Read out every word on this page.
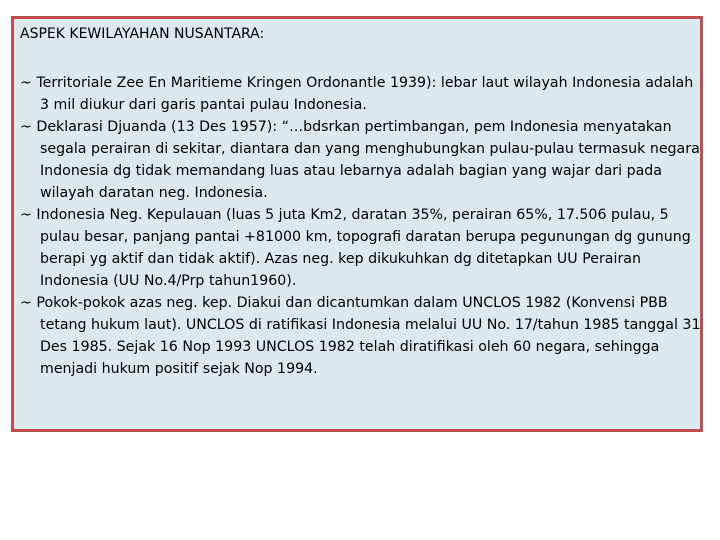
ASPEK KEWILAYAHAN NUSANTARA:
~ Territoriale Zee En Maritieme Kringen Ordonantle 1939): lebar laut wilayah Indonesia adalah 3 mil diukur dari garis pantai pulau Indonesia.
~ Deklarasi Djuanda (13 Des 1957): “…bdsrkan pertimbangan, pem Indonesia menyatakan segala perairan di sekitar, diantara dan yang menghubungkan pulau-pulau termasuk negara Indonesia dg tidak memandang luas atau lebarnya adalah bagian yang wajar dari pada wilayah daratan neg. Indonesia.
~ Indonesia Neg. Kepulauan (luas 5 juta Km2, daratan 35%, perairan 65%, 17.506 pulau, 5 pulau besar, panjang pantai +81000 km, topografi daratan berupa pegunungan dg gunung berapi yg aktif dan tidak aktif). Azas neg. kep dikukuhkan dg ditetapkan UU Perairan Indonesia (UU No.4/Prp tahun1960).
~ Pokok-pokok azas neg. kep. Diakui dan dicantumkan dalam UNCLOS 1982 (Konvensi PBB tetang hukum laut). UNCLOS di ratifikasi Indonesia melalui UU No. 17/tahun 1985 tanggal 31 Des 1985. Sejak 16 Nop 1993 UNCLOS 1982 telah diratifikasi oleh 60 negara, sehingga menjadi hukum positif sejak Nop 1994.
